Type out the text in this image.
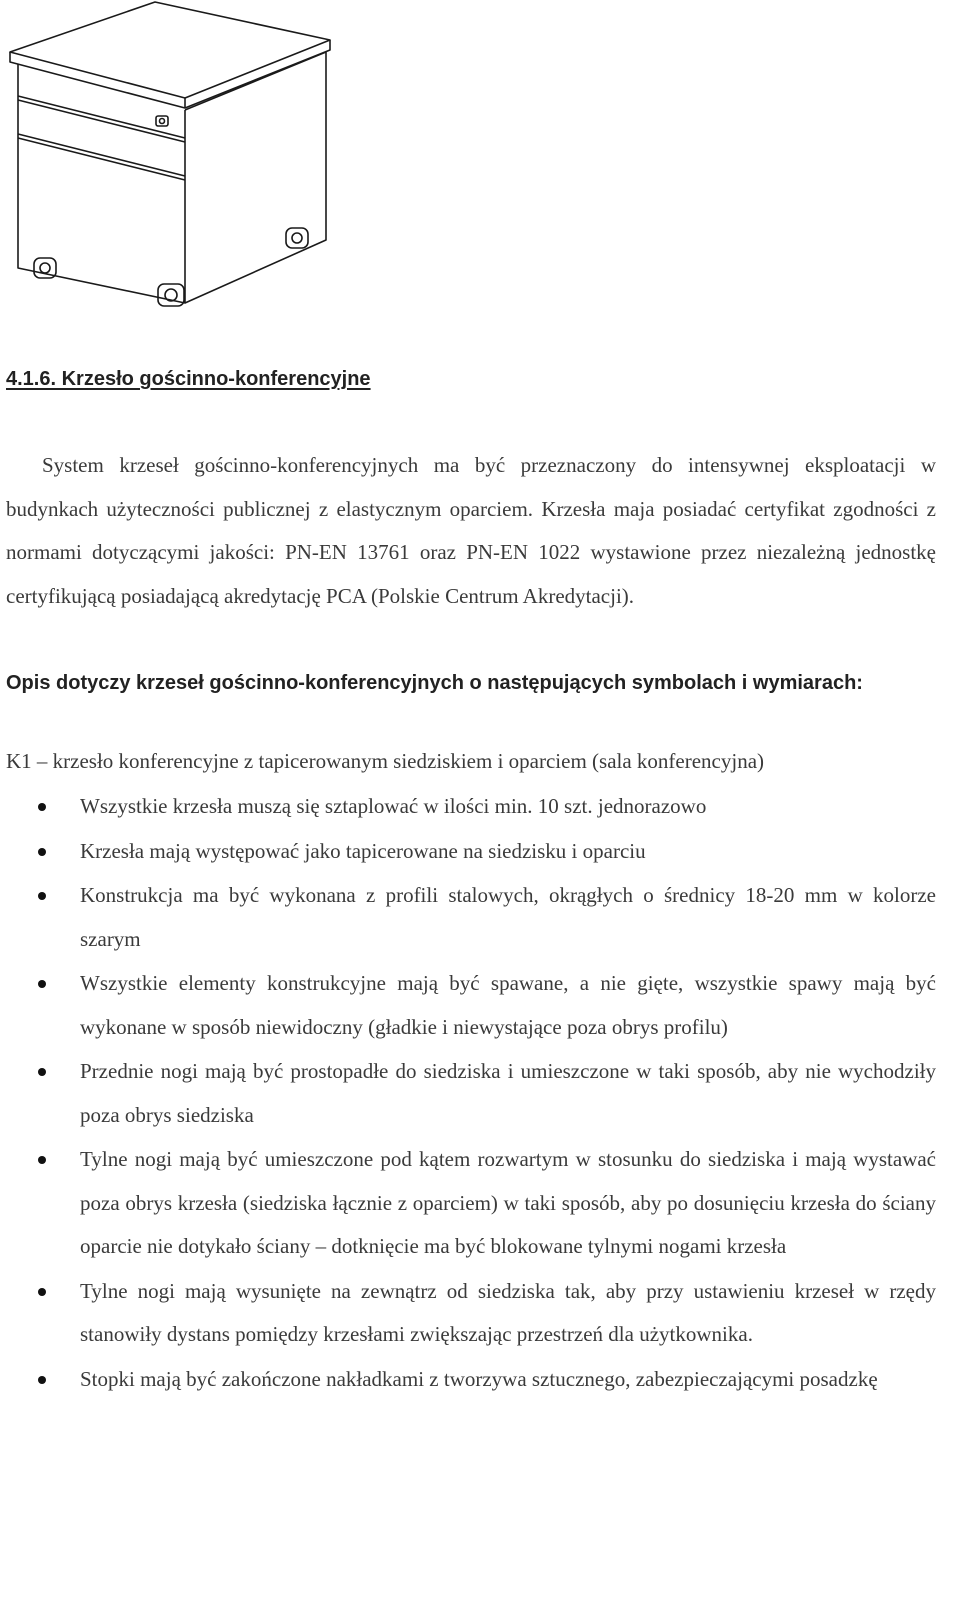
4.1.6. Krzesło gościnno-konferencyjne

System krzeseł gościnno-konferencyjnych ma być przeznaczony do intensywnej eksploatacji w budynkach użyteczności publicznej z elastycznym oparciem. Krzesła maja posiadać certyfikat zgodności z normami dotyczącymi jakości: PN-EN 13761 oraz PN-EN 1022 wystawione przez niezależną jednostkę certyfikującą posiadającą akredytację PCA (Polskie Centrum Akredytacji).

Opis dotyczy krzeseł gościnno-konferencyjnych o następujących symbolach i wymiarach:

K1 – krzesło konferencyjne z tapicerowanym siedziskiem i oparciem (sala konferencyjna)

Wszystkie krzesła muszą się sztaplować w ilości min. 10 szt. jednorazowo
Krzesła mają występować jako tapicerowane na siedzisku i oparciu
Konstrukcja ma być wykonana z profili stalowych, okrągłych o średnicy 18-20 mm w kolorze szarym
Wszystkie elementy konstrukcyjne mają być spawane, a nie gięte, wszystkie spawy mają być wykonane w sposób niewidoczny (gładkie i niewystające poza obrys profilu)
Przednie nogi mają być prostopadłe do siedziska i umieszczone w taki sposób, aby nie wychodziły poza obrys siedziska
Tylne nogi mają być umieszczone pod kątem rozwartym w stosunku do siedziska i mają wystawać poza obrys krzesła (siedziska łącznie z oparciem) w taki sposób, aby po dosunięciu krzesła do ściany oparcie nie dotykało ściany – dotknięcie ma być blokowane tylnymi nogami krzesła
Tylne nogi mają wysunięte na zewnątrz od siedziska tak, aby przy ustawieniu krzeseł w rzędy stanowiły dystans pomiędzy krzesłami zwiększając przestrzeń dla użytkownika.
Stopki mają być zakończone nakładkami z tworzywa sztucznego, zabezpieczającymi posadzkę
